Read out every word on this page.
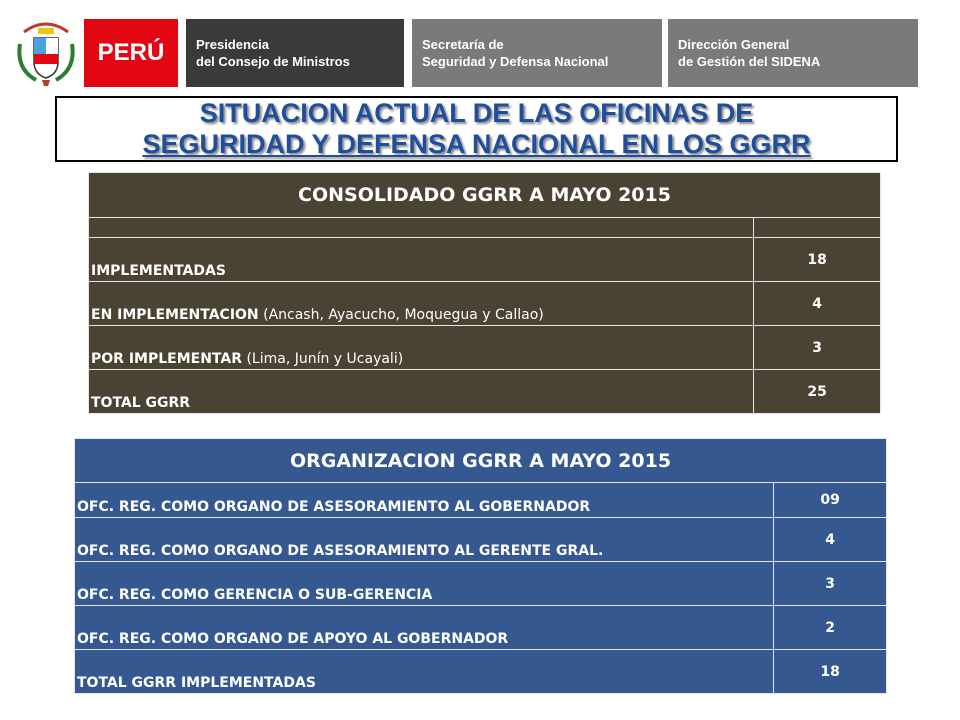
PERÚ Presidencia
del Consejo de Ministros
Secretaría de
Seguridad y Defensa Nacional
Dirección General
de Gestión del SIDENA
SITUACION ACTUAL DE LAS OFICINAS DE
SEGURIDAD Y DEFENSA NACIONAL EN LOS GGRR
CONSOLIDADO GGRR A MAYO 2015	

IMPLEMENTADAS	18
EN IMPLEMENTACION (Ancash, Ayacucho, Moquegua y Callao)	4
POR IMPLEMENTAR (Lima, Junín y Ucayali)	3
TOTAL GGRR	25
ORGANIZACION GGRR A MAYO 2015	
OFC. REG. COMO ORGANO DE ASESORAMIENTO AL GOBERNADOR	09
OFC. REG. COMO ORGANO DE ASESORAMIENTO AL GERENTE GRAL.	4
OFC. REG. COMO GERENCIA O SUB-GERENCIA	3
OFC. REG. COMO ORGANO DE APOYO AL GOBERNADOR	2
TOTAL GGRR IMPLEMENTADAS	18
